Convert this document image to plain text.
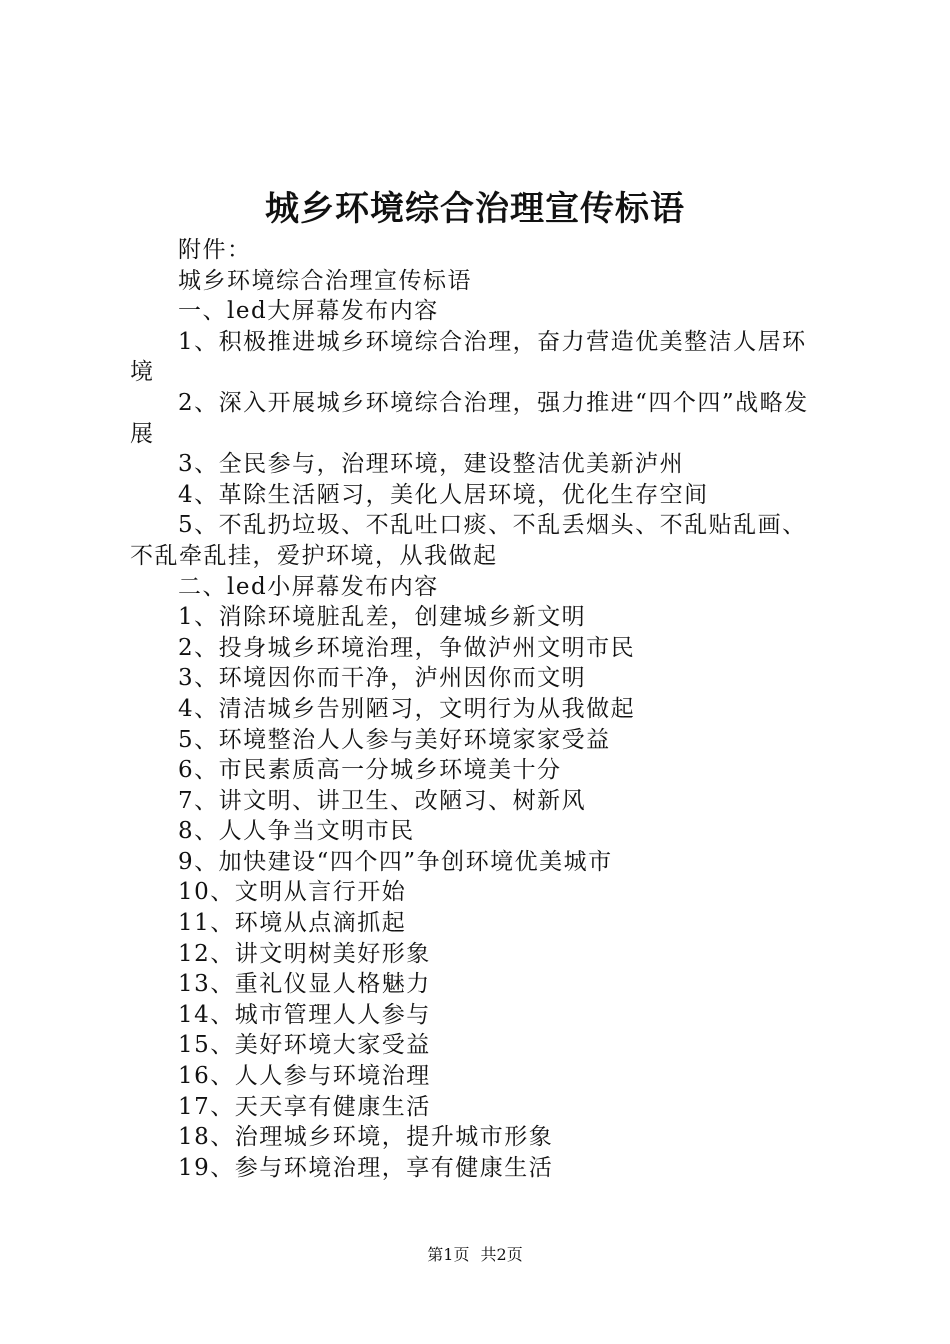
城乡环境综合治理宣传标语

附件：

城乡环境综合治理宣传标语

一、led大屏幕发布内容

1、积极推进城乡环境综合治理，奋力营造优美整洁人居环境

2、深入开展城乡环境综合治理，强力推进“四个四”战略发展

3、全民参与，治理环境，建设整洁优美新泸州

4、革除生活陋习，美化人居环境，优化生存空间

5、不乱扔垃圾、不乱吐口痰、不乱丢烟头、不乱贴乱画、不乱牵乱挂，爱护环境，从我做起

二、led小屏幕发布内容

1、消除环境脏乱差，创建城乡新文明

2、投身城乡环境治理，争做泸州文明市民

3、环境因你而干净，泸州因你而文明

4、清洁城乡告别陋习，文明行为从我做起

5、环境整治人人参与美好环境家家受益

6、市民素质高一分城乡环境美十分

7、讲文明、讲卫生、改陋习、树新风

8、人人争当文明市民

9、加快建设“四个四”争创环境优美城市

10、文明从言行开始

11、环境从点滴抓起

12、讲文明树美好形象

13、重礼仪显人格魅力

14、城市管理人人参与

15、美好环境大家受益

16、人人参与环境治理

17、天天享有健康生活

18、治理城乡环境，提升城市形象

19、参与环境治理，享有健康生活

第1页 共2页
